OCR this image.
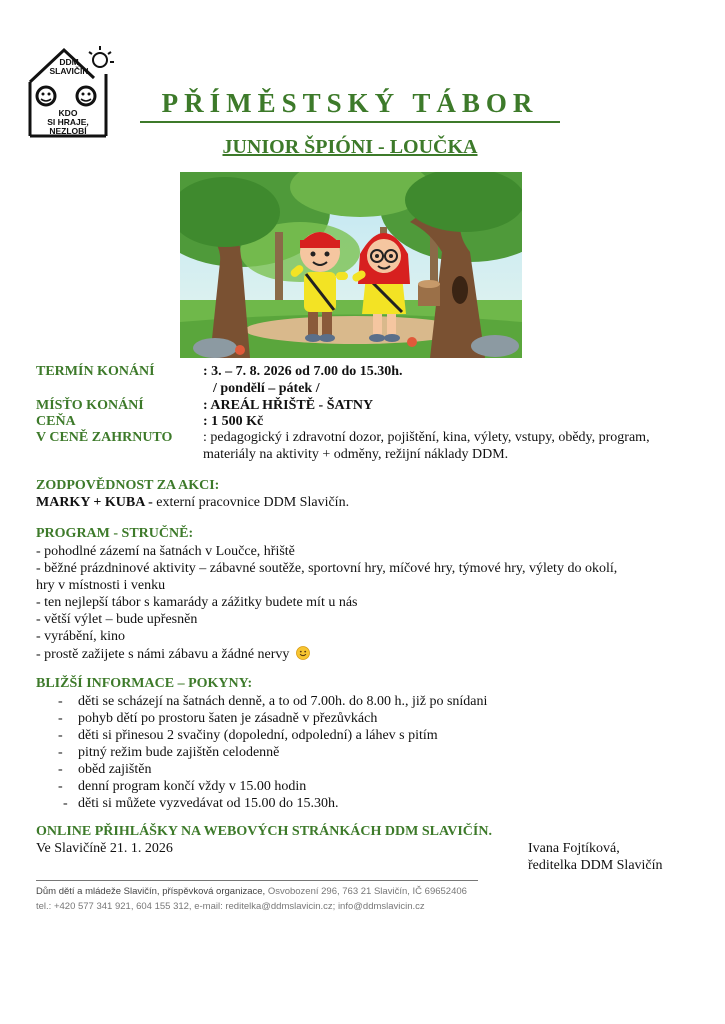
DDM SLAVIČÍN
KDO
SI HRAJE,
NEZLOBÍ
PŘÍMĚSTSKÝ TÁBOR
JUNIOR ŠPIÓNI - LOUČKA
TERMÍN KONÁNÍ	: 3. – 7. 8. 2026 od 7.00 do 15.30h.
/ pondělí – pátek /
MÍSŤO KONÁNÍ	: AREÁL HŘIŠTĚ - ŠATNY
CEŇA	: 1 500 Kč
V CENĚ ZAHRNUTO : pedagogický i zdravotní dozor, pojištění, kina, výlety, vstupy, obědy, program,
materiály na aktivity + odměny, režijní náklady DDM.
ZODPOVĚDNOST ZA AKCI:
MARKY + KUBA - externí pracovnice DDM Slavičín.
PROGRAM - STRUČNĚ:
- pohodlné zázemí na šatnách v Loučce, hřiště
- běžné prázdninové aktivity – zábavné soutěže, sportovní hry, míčové hry, týmové hry, výlety do okolí,
hry v místnosti i venku
- ten nejlepší tábor s kamarády a zážitky budete mít u nás
- větší výlet – bude upřesněn
- vyrábění, kino
- prostě zažijete s námi zábavu a žádné nervy
BLIŽŠÍ INFORMACE – POKYNY:
- děti se scházejí na šatnách denně, a to od 7.00h. do 8.00 h., již po snídani
- pohyb dětí po prostoru šaten je zásadně v přezůvkách
- děti si přinesou 2 svačiny (dopolední, odpolední) a láhev s pitím
- pitný režim bude zajištěn celodenně
- oběd zajištěn
- denní program končí vždy v 15.00 hodin
- děti si můžete vyzvedávat od 15.00 do 15.30h.
ONLINE PŘIHLÁŠKY NA WEBOVÝCH STRÁNKÁCH DDM SLAVIČÍN.
Ve Slavičíně 21. 1. 2026	Ivana Fojtíková,
ředitelka DDM Slavičín
Dům dětí a mládeže Slavičín, příspěvková organizace, Osvobození 296, 763 21 Slavičín, IČ 69652406
tel.: +420 577 341 921, 604 155 312, e-mail: reditelka@ddmslavicin.cz; info@ddmslavicin.cz
